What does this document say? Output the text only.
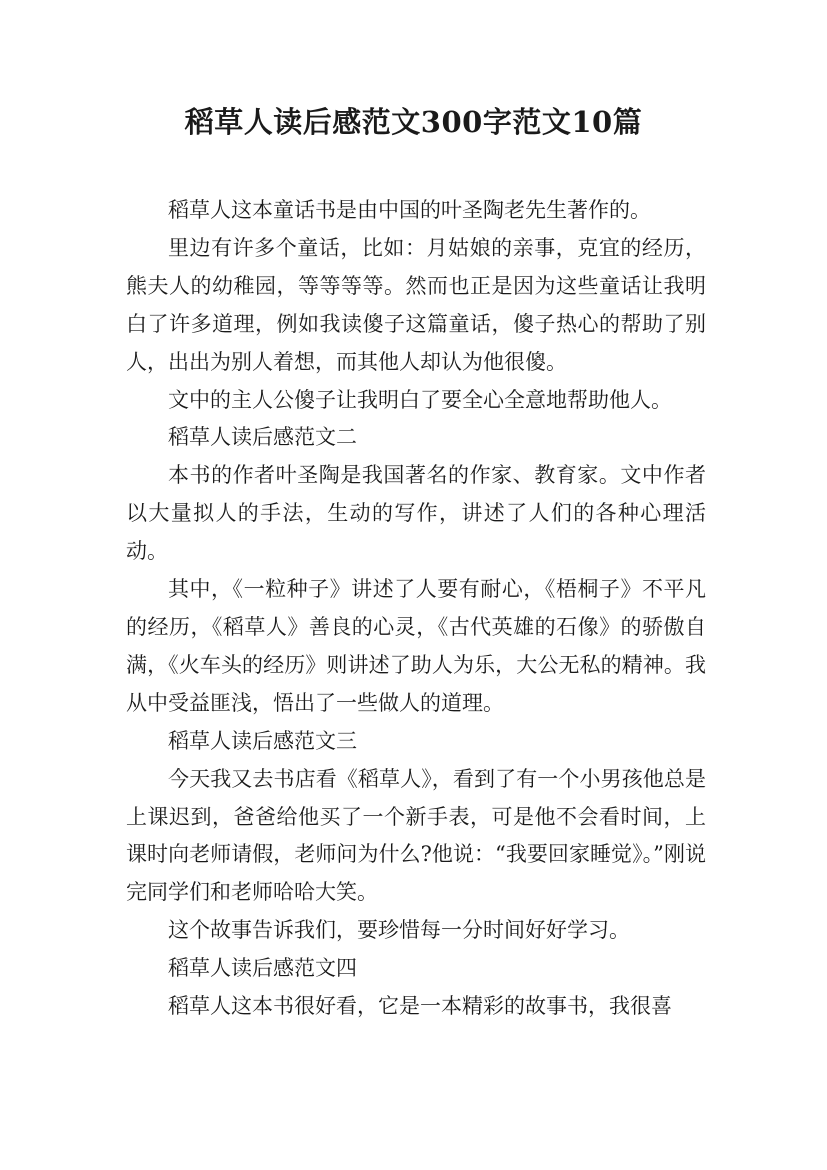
稻草人读后感范文300字范文10篇

稻草人这本童话书是由中国的叶圣陶老先生著作的。

里边有许多个童话，比如：月姑娘的亲事，克宜的经历，熊夫人的幼稚园，等等等等。然而也正是因为这些童话让我明白了许多道理，例如我读傻子这篇童话，傻子热心的帮助了别人，出出为别人着想，而其他人却认为他很傻。

文中的主人公傻子让我明白了要全心全意地帮助他人。

稻草人读后感范文二

本书的作者叶圣陶是我国著名的作家、教育家。文中作者以大量拟人的手法，生动的写作，讲述了人们的各种心理活动。

其中，《一粒种子》讲述了人要有耐心，《梧桐子》不平凡的经历，《稻草人》善良的心灵，《古代英雄的石像》的骄傲自满，《火车头的经历》则讲述了助人为乐，大公无私的精神。我从中受益匪浅，悟出了一些做人的道理。

稻草人读后感范文三

今天我又去书店看《稻草人》，看到了有一个小男孩他总是上课迟到，爸爸给他买了一个新手表，可是他不会看时间，上课时向老师请假，老师问为什么?他说：“我要回家睡觉》。”刚说完同学们和老师哈哈大笑。

这个故事告诉我们，要珍惜每一分时间好好学习。

稻草人读后感范文四

稻草人这本书很好看，它是一本精彩的故事书，我很喜
